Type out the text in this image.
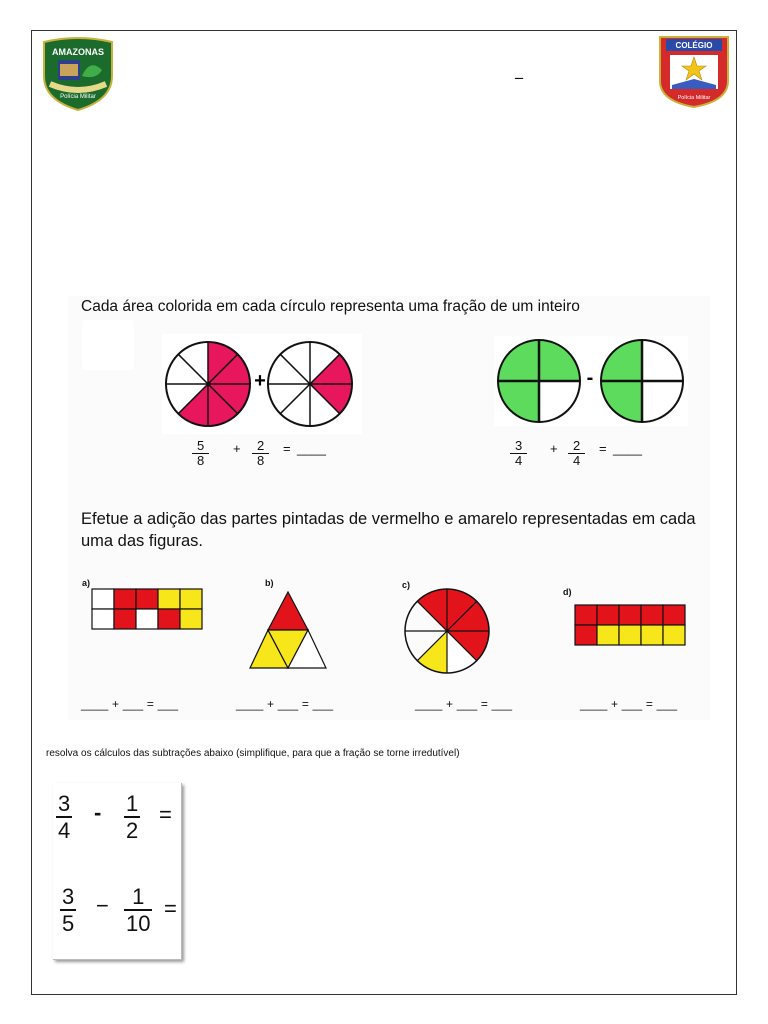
AMAZONAS
Polícia Militar
_
COLÉGIO
Polícia Militar
Cada área colorida em cada círculo representa uma fração de um inteiro
+	-
$\frac{5}{8} + \frac{2}{8}$ = ____	$\frac{3}{4} + \frac{2}{4}$ = ____
Efetue a adição das partes pintadas de vermelho e amarelo representadas em cada uma das figuras.
a)	b)	c)
d)
____ + ___ = ___	____ + ___ = ___	____ + ___ = ___	____ + ___ = ___
resolva os cálculos das subtrações abaixo (simplifique, para que a fração se torne irredutível)
$\frac{3}{4} - \frac{1}{2}$ =
$\frac{3}{5} - \frac{1}{10}$ =
